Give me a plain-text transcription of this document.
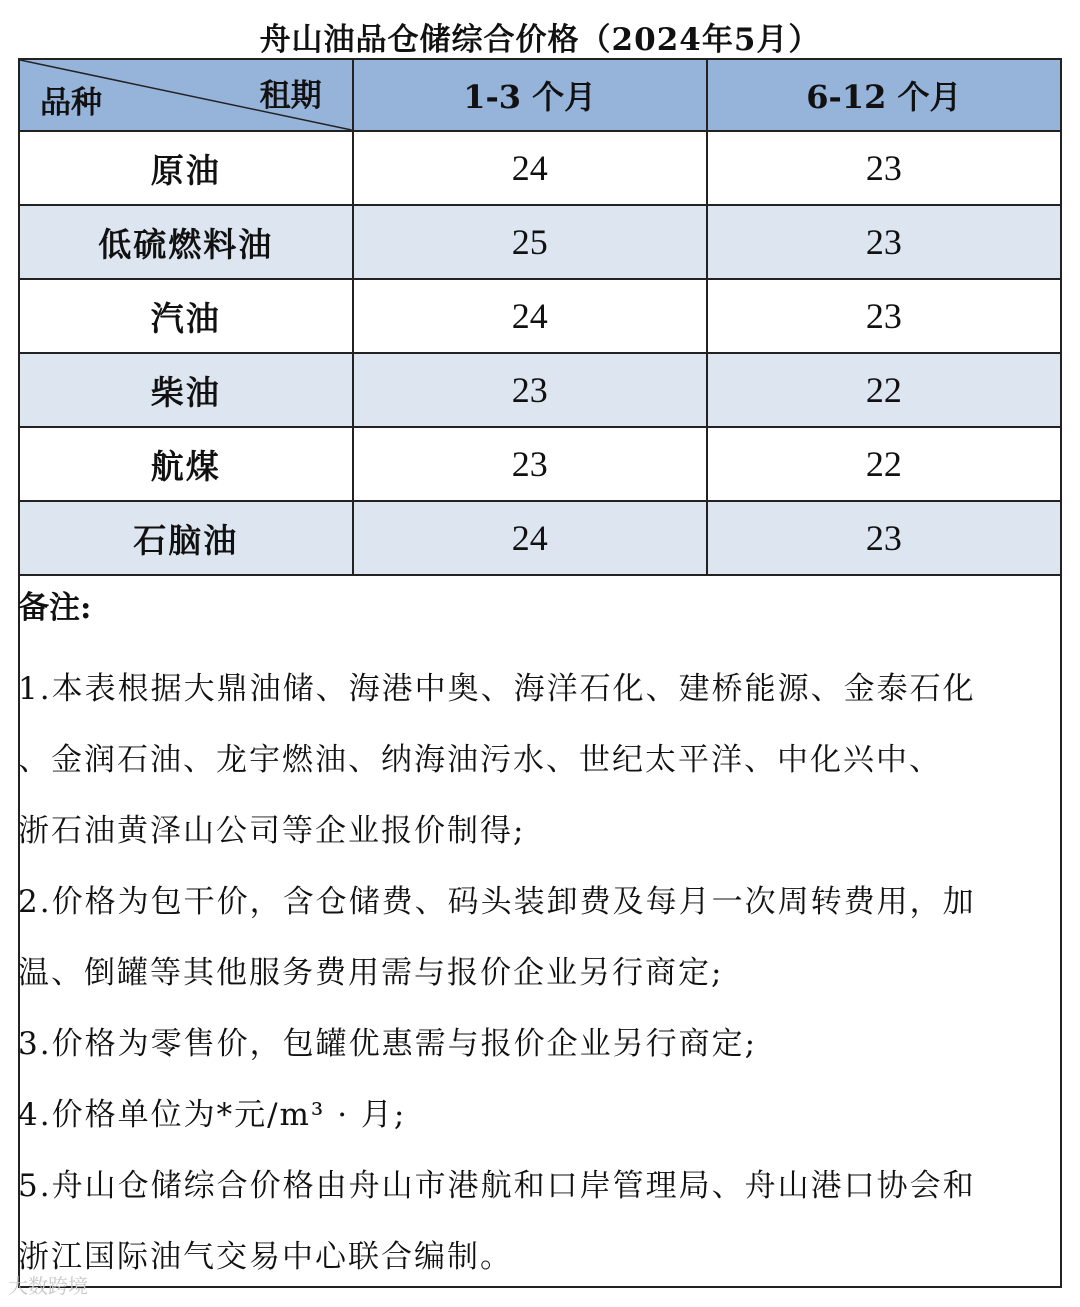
舟山油品仓储综合价格（2024年5月）
租期
品种	1-3 个月	6-12 个月
原油	24	23
低硫燃料油	25	23
汽油	24	23
柴油	23	22
航煤	23	22
石脑油	24	23
备注:
1.本表根据大鼎油储、海港中奥、海洋石化、建桥能源、金泰石化
、金润石油、龙宇燃油、纳海油污水、世纪太平洋、中化兴中、
浙石油黄泽山公司等企业报价制得;
2.价格为包干价，含仓储费、码头装卸费及每月一次周转费用，加
温、倒罐等其他服务费用需与报价企业另行商定;
3.价格为零售价，包罐优惠需与报价企业另行商定;
4.价格单位为*元/m³ · 月;
5.舟山仓储综合价格由舟山市港航和口岸管理局、舟山港口协会和
浙江国际油气交易中心联合编制。
大数跨境
